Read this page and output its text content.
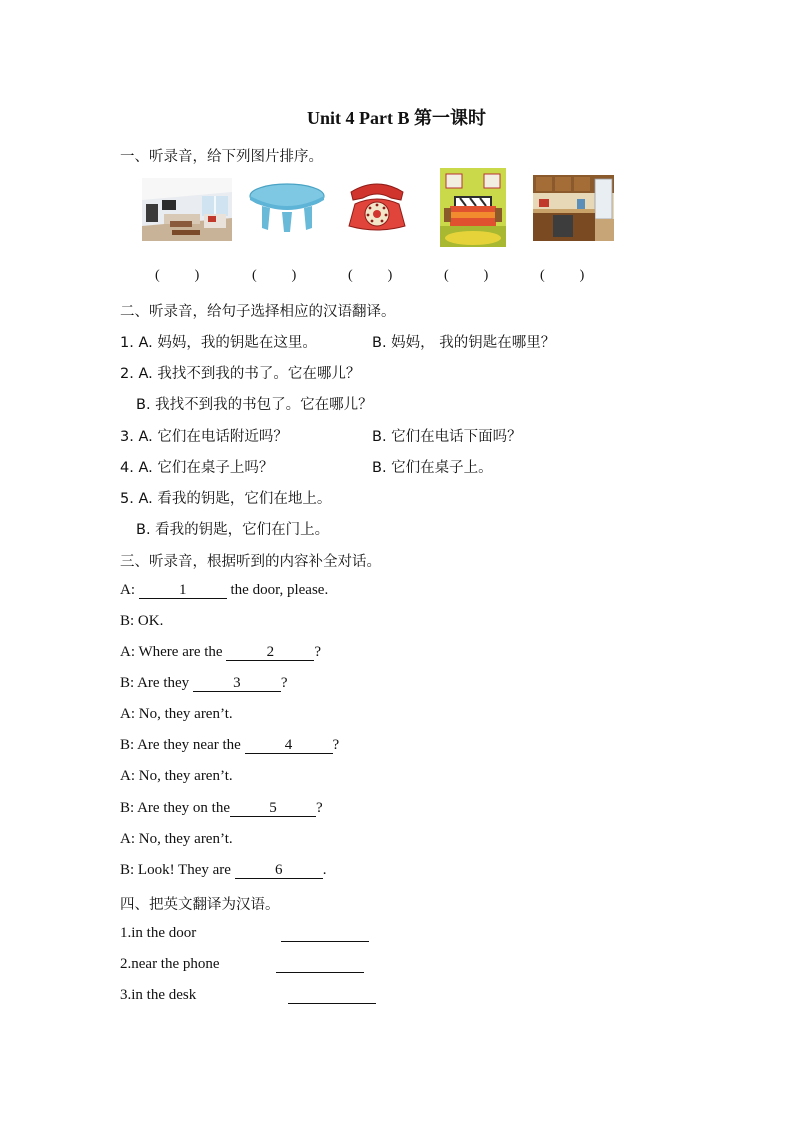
Unit 4 Part B 第一课时
一、听录音，给下列图片排序。
(	)	(	)	(	)	(	)	(	)
二、听录音，给句子选择相应的汉语翻译。
1. A. 妈妈，我的钥匙在这里。	B. 妈妈， 我的钥匙在哪里？
2. A. 我找不到我的书了。它在哪儿？
B. 我找不到我的书包了。它在哪儿？
3. A. 它们在电话附近吗？	B. 它们在电话下面吗？
4. A. 它们在桌子上吗？	B. 它们在桌子上。
5. A. 看我的钥匙，它们在地上。
B. 看我的钥匙，它们在门上。
三、听录音，根据听到的内容补全对话。
A:	1	the door, please.
B: OK.
A: Where are the	2	?
B: Are they	3	?
A: No, they aren’t.
B: Are they near the	4	?
A: No, they aren’t.
B: Are they on the	5	?
A: No, they aren’t.
B: Look! They are	6	.
四、把英文翻译为汉语。
1.in the door
2.near the phone
3.in the desk
